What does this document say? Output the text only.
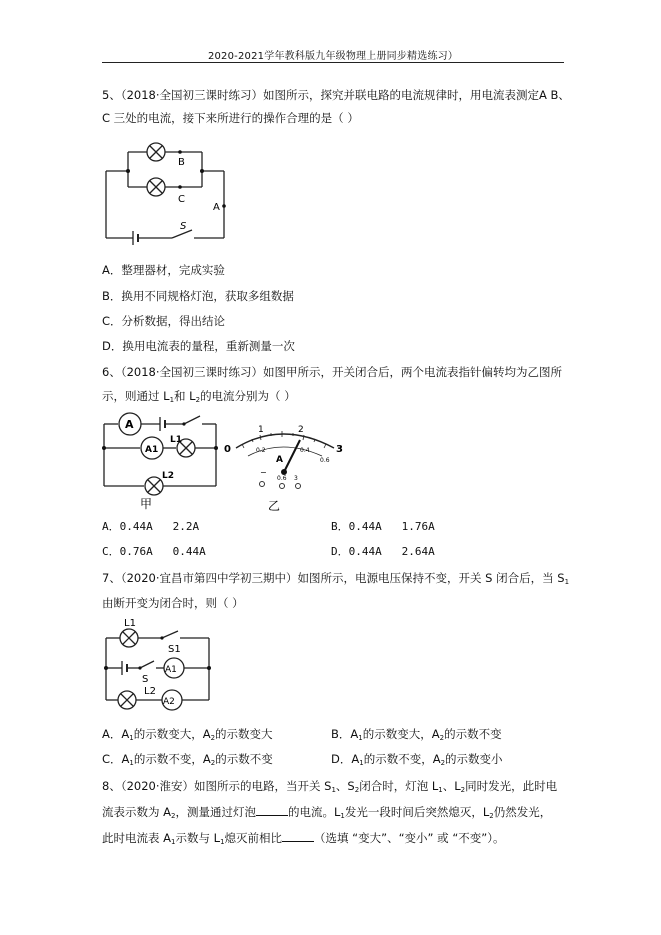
2020-2021学年教科版九年级物理上册同步精选练习）
5、（2018·全国初三课时练习）如图所示，探究并联电路的电流规律时，用电流表测定A B、
C 三处的电流，接下来所进行的操作合理的是（ ）
B
C
A
S
A．整理器材，完成实验
B．换用不同规格灯泡，获取多组数据
C．分析数据，得出结论
D．换用电流表的量程，重新测量一次
6、（2018·全国初三课时练习）如图甲所示，开关闭合后，两个电流表指针偏转均为乙图所
示，则通过 $L_1$和 $L_2$的电流分别为（ ）
A
A1
L1
L2
甲
0
1	2
3
0.2	0.4
0.6
A
−
0.6 3
乙
A．0.44A 2.2A	B．0.44A 1.76A
C．0.76A 0.44A	D．0.44A 2.64A
7、（2020·宜昌市第四中学初三期中）如图所示，电源电压保持不变，开关 S 闭合后，当 $S_1$
由断开变为闭合时，则（ ）
L1
S1
S
A1
L2
A2
A．$A_1$的示数变大，$A_2$的示数变大	B．$A_1$的示数变大，$A_2$的示数不变
C．$A_1$的示数不变，$A_2$的示数不变	D．$A_1$的示数不变，$A_2$的示数变小
8、（2020·淮安）如图所示的电路，当开关 $S_1$、$S_2$闭合时，灯泡 $L_1$、$L_2$同时发光，此时电
流表示数为 $A_2$，测量通过灯泡	的电流。$L_1$发光一段时间后突然熄灭，$L_2$仍然发光，
此时电流表 $A_1$示数与 $L_1$熄灭前相比	（选填 “变大”、“变小” 或 “不变”）。
